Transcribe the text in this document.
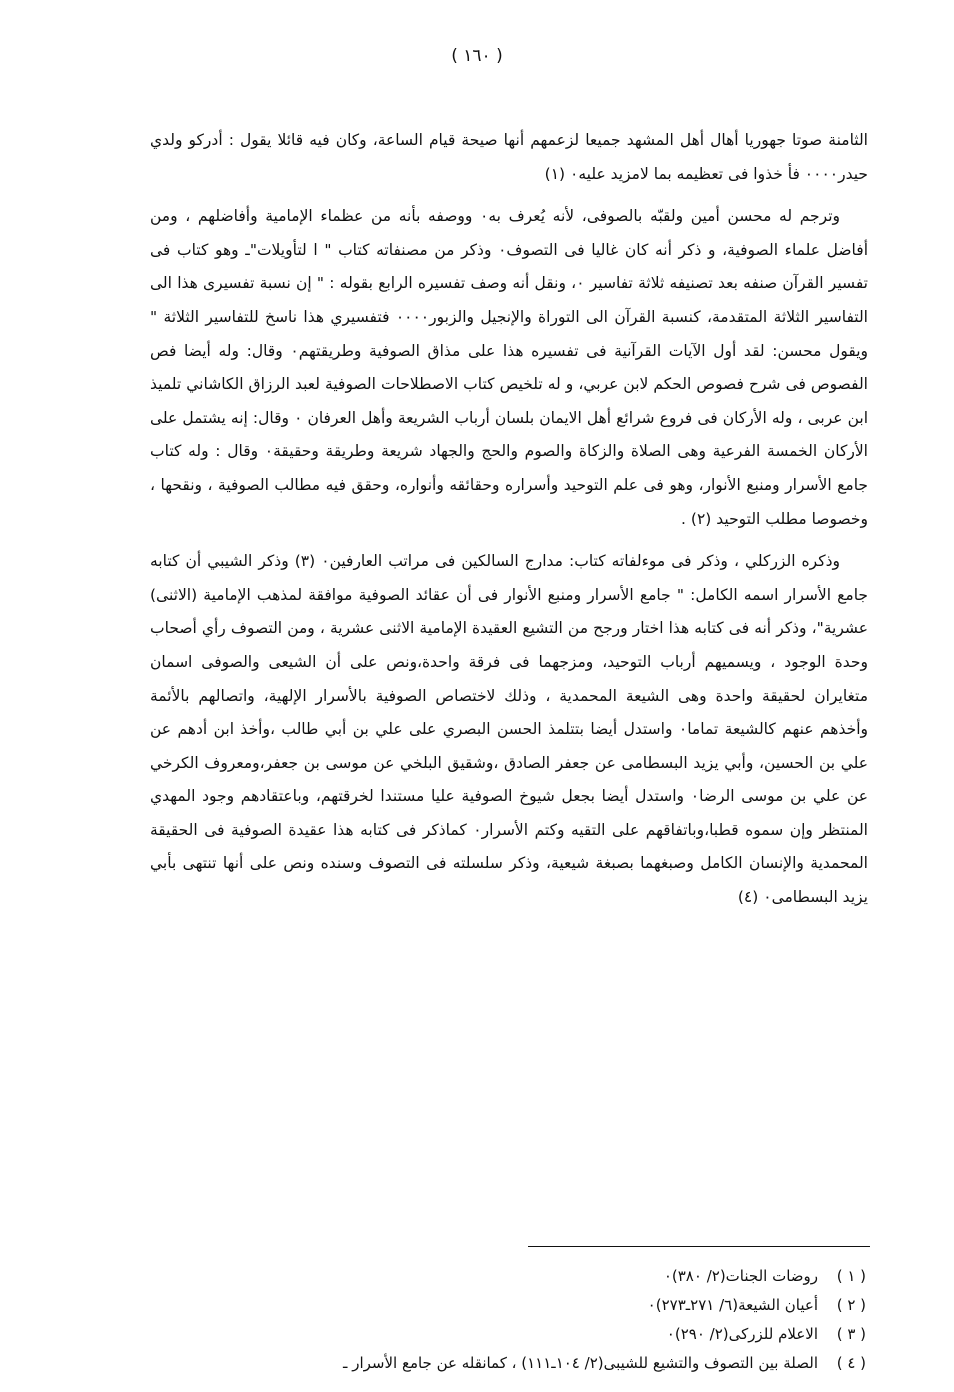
( ١٦٠ )

الثامنة صوتا جهوريا أهال أهل المشهد جميعا لزعمهم أنها صيحة قيام الساعة، وكان فيه قائلا يقول : أدركو ولدي حيدر٠٠٠٠ فأ خذوا فى تعظيمه بما لامزيد عليه٠ (١)

وترجم له محسن أمين ولقبّه بالصوفى، لأنه يُعرف به٠ ووصفه بأنه من عظماء الإمامية وأفاضلهم ، ومن أفاضل علماء الصوفية، و ذكر أنه كان غاليا فى التصوف٠ وذكر من مصنفاته كتاب " ا لتأويلات"ـ وهو كتاب فى تفسير القرآن صنفه بعد تصنيفه ثلاثة تفاسير ٠، ونقل أنه وصف تفسيره الرابع بقوله : " إن نسبة تفسيرى هذا الى التفاسير الثلاثة المتقدمة، كنسبة القرآن الى التوراة والإنجيل والزبور٠٠٠٠ فتفسيري هذا ناسخ للتفاسير الثلاثة " ويقول محسن: لقد أول الآيات القرآنية فى تفسيره هذا على مذاق الصوفية وطريقتهم٠ وقال: وله أيضا فص الفصوص فى شرح فصوص الحكم لابن عربي، و له تلخيص كتاب الاصطلاحات الصوفية لعبد الرزاق الكاشاني تلميذ ابن عربى ، وله الأركان فى فروع شرائع أهل الايمان بلسان أرباب الشريعة وأهل العرفان ٠ وقال: إنه يشتمل على الأركان الخمسة الفرعية وهى الصلاة والزكاة والصوم والحج والجهاد شريعة وطريقة وحقيقة٠ وقال : وله كتاب جامع الأسرار ومنبع الأنوار، وهو فى علم التوحيد وأسراره وحقائقه وأنواره، وحقق فيه مطالب الصوفية ، ونقحها ، وخصوصا مطلب التوحيد (٢) .

وذكره الزركلي ، وذكر فى موءلفاته كتاب: مدارج السالكين فى مراتب العارفين٠ (٣) وذكر الشيبي أن كتابه جامع الأسرار اسمه الكامل: " جامع الأسرار ومنبع الأنوار فى أن عقائد الصوفية موافقة لمذهب الإمامية (الاثنى) عشرية"، وذكر أنه فى كتابه هذا اختار ورجح من التشيع العقيدة الإمامية الاثنى عشرية ، ومن التصوف رأي أصحاب وحدة الوجود ، ويسميهم أرباب التوحيد، ومزجهما فى فرقة واحدة،ونص على أن الشيعى والصوفى اسمان متغايران لحقيقة واحدة وهى الشيعة المحمدية ، وذلك لاختصاص الصوفية بالأسرار الإلهية، واتصالهم بالأئمة وأخذهم عنهم كالشيعة تماما٠ واستدل أيضا بتتلمذ الحسن البصري على علي بن أبي طالب ،وأخذ ابن أدهم عن علي بن الحسين، وأبي يزيد البسطامى عن جعفر الصادق ،وشقيق البلخي عن موسى بن جعفر،ومعروف الكرخي عن علي بن موسى الرضا٠ واستدل أيضا بجعل شيوخ الصوفية عليا مستندا لخرقتهم، وباعتقادهم وجود المهدي المنتظر وإن سموه قطبا،وباتفاقهم على التقيه وكتم الأسرار٠ كماذكر فى كتابه هذا عقيدة الصوفية فى الحقيقة المحمدية والإنسان الكامل وصبغهما بصبغة شيعية، وذكر سلسلته فى التصوف وسنده ونص على أنها تنتهى بأبي يزيد البسطامى٠ (٤)

( ١ )
روضات الجنات(٢/ ٣٨٠)٠
( ٢ )
أعيان الشيعة(٦/ ٢٧١ـ٢٧٣)٠
( ٣ )
الاعلام للزركى(٢/ ٢٩٠)٠
( ٤ )
الصلة بين التصوف والتشيع للشيبى(٢/ ١٠٤ـ١١١) ، كمانقله عن جامع الأسرار ـ
